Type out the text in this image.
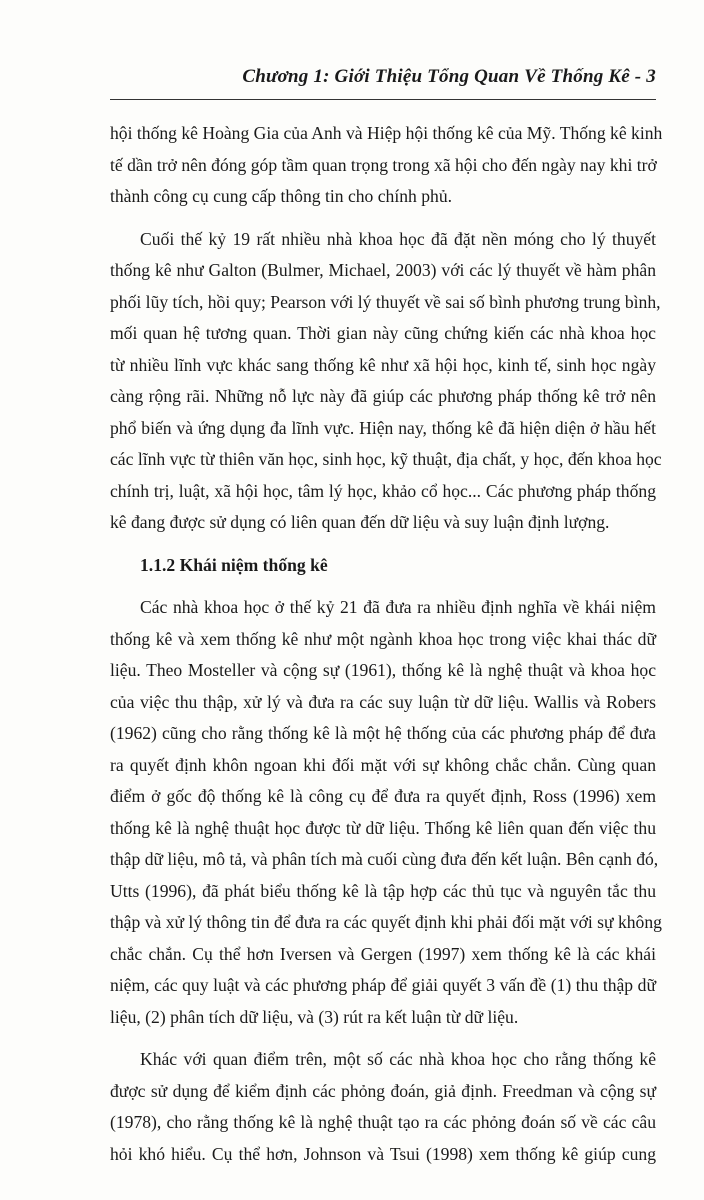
Chương 1: Giới Thiệu Tổng Quan Về Thống Kê - 3
hội thống kê Hoàng Gia của Anh và Hiệp hội thống kê của Mỹ. Thống kê kinh
tế dần trở nên đóng góp tầm quan trọng trong xã hội cho đến ngày nay khi trở
thành công cụ cung cấp thông tin cho chính phủ.
Cuối thế kỷ 19 rất nhiều nhà khoa học đã đặt nền móng cho lý thuyết
thống kê như Galton (Bulmer, Michael, 2003) với các lý thuyết về hàm phân
phối lũy tích, hồi quy; Pearson với lý thuyết về sai số bình phương trung bình,
mối quan hệ tương quan. Thời gian này cũng chứng kiến các nhà khoa học
từ nhiều lĩnh vực khác sang thống kê như xã hội học, kinh tế, sinh học ngày
càng rộng rãi. Những nỗ lực này đã giúp các phương pháp thống kê trở nên
phổ biến và ứng dụng đa lĩnh vực. Hiện nay, thống kê đã hiện diện ở hầu hết
các lĩnh vực từ thiên văn học, sinh học, kỹ thuật, địa chất, y học, đến khoa học
chính trị, luật, xã hội học, tâm lý học, khảo cổ học... Các phương pháp thống
kê đang được sử dụng có liên quan đến dữ liệu và suy luận định lượng.
1.1.2 Khái niệm thống kê
Các nhà khoa học ở thế kỷ 21 đã đưa ra nhiều định nghĩa về khái niệm
thống kê và xem thống kê như một ngành khoa học trong việc khai thác dữ
liệu. Theo Mosteller và cộng sự (1961), thống kê là nghệ thuật và khoa học
của việc thu thập, xử lý và đưa ra các suy luận từ dữ liệu. Wallis và Robers
(1962) cũng cho rằng thống kê là một hệ thống của các phương pháp để đưa
ra quyết định khôn ngoan khi đối mặt với sự không chắc chắn. Cùng quan
điểm ở gốc độ thống kê là công cụ để đưa ra quyết định, Ross (1996) xem
thống kê là nghệ thuật học được từ dữ liệu. Thống kê liên quan đến việc thu
thập dữ liệu, mô tả, và phân tích mà cuối cùng đưa đến kết luận. Bên cạnh đó,
Utts (1996), đã phát biểu thống kê là tập hợp các thủ tục và nguyên tắc thu
thập và xử lý thông tin để đưa ra các quyết định khi phải đối mặt với sự không
chắc chắn. Cụ thể hơn Iversen và Gergen (1997) xem thống kê là các khái
niệm, các quy luật và các phương pháp để giải quyết 3 vấn đề (1) thu thập dữ
liệu, (2) phân tích dữ liệu, và (3) rút ra kết luận từ dữ liệu.
Khác với quan điểm trên, một số các nhà khoa học cho rằng thống kê
được sử dụng để kiểm định các phỏng đoán, giả định. Freedman và cộng sự
(1978), cho rằng thống kê là nghệ thuật tạo ra các phỏng đoán số về các câu
hỏi khó hiểu. Cụ thể hơn, Johnson và Tsui (1998) xem thống kê giúp cung
